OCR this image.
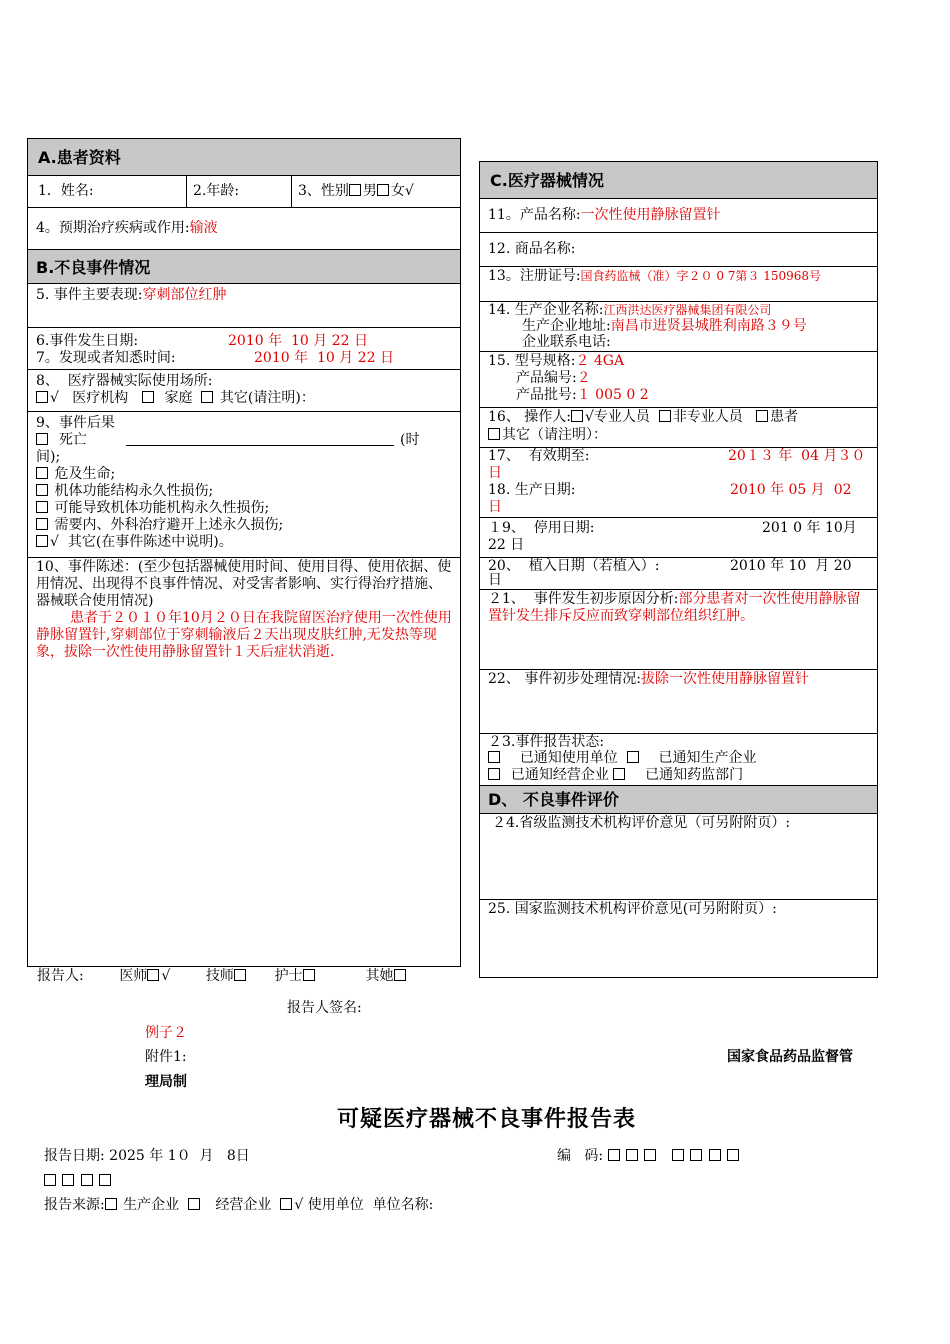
A.患者资料
1．姓名:	2.年龄:	3、性别 男 女√
4。预期治疗疾病或作用:输液
B.不良事件情况
5. 事件主要表现:穿刺部位红肿
6.事件发生日期:	2010 年  10 月 22 日
7。发现或者知悉时间:	2010 年  10 月 22 日
8、  医疗器械实际使用场所:
√ 医疗机构	家庭 其它(请注明)：
9、事件后果
死亡	(时
间);
危及生命;
机体功能结构永久性损伤;
可能导致机体功能机构永久性损伤;
需要内、外科治疗避开上述永久损伤;
√ 其它(在事件陈述中说明)。
10、事件陈述：(至少包括器械使用时间、使用目得、使用依据、使用情况、出现得不良事件情况、对受害者影响、实行得治疗措施、器械联合使用情况)
患者于２０１０年10月２０日在我院留医治疗使用一次性使用静脉留置针,穿刺部位于穿刺输液后２天出现皮肤红肿,无发热等现象，拔除一次性使用静脉留置针１天后症状消逝.
C.医疗器械情况
11。产品名称:一次性使用静脉留置针
12. 商品名称:
13。注册证号:国食药监械（准）字２０ 0 7第３ 150968号
14. 生产企业名称:江西洪达医疗器械集团有限公司
生产企业地址:南昌市进贤县城胜利南路３９号
企业联系电话:
15. 型号规格:２ 4GA
产品编号:２
产品批号:１ 005 0 2
16、 操作人: √专业人员 非专业人员 患者
其它（请注明）：
17、  有效期至:	20１３ 年  04 月３０ 日
18. 生产日期:	2010 年 05 月  02 日
１9、  停用日期:	201 0 年 10月
22 日
20、  植入日期（若植入）:	2010 年 10  月 20
日
２1、  事件发生初步原因分析:部分患者对一次性使用静脉留置针发生排斥反应而致穿刺部位组织红肿。
22、 事件初步处理情况:拔除一次性使用静脉留置针
２3.事件报告状态:
已通知使用单位	已通知生产企业
已通知经营企业	已通知药监部门
D、 不良事件评价
２4.省级监测技术机构评价意见（可另附附页）:
25. 国家监测技术机构评价意见(可另附附页）:
报告人:	医师 √	技师	护士	其她
报告人签名:
例子２
附件1:	国家食品药品监督管
理局制
可疑医疗器械不良事件报告表
报告日期: 2025 年 1０  月   8日	编   码:

报告来源: 生产企业	经营企业 √ 使用单位 单位名称:
